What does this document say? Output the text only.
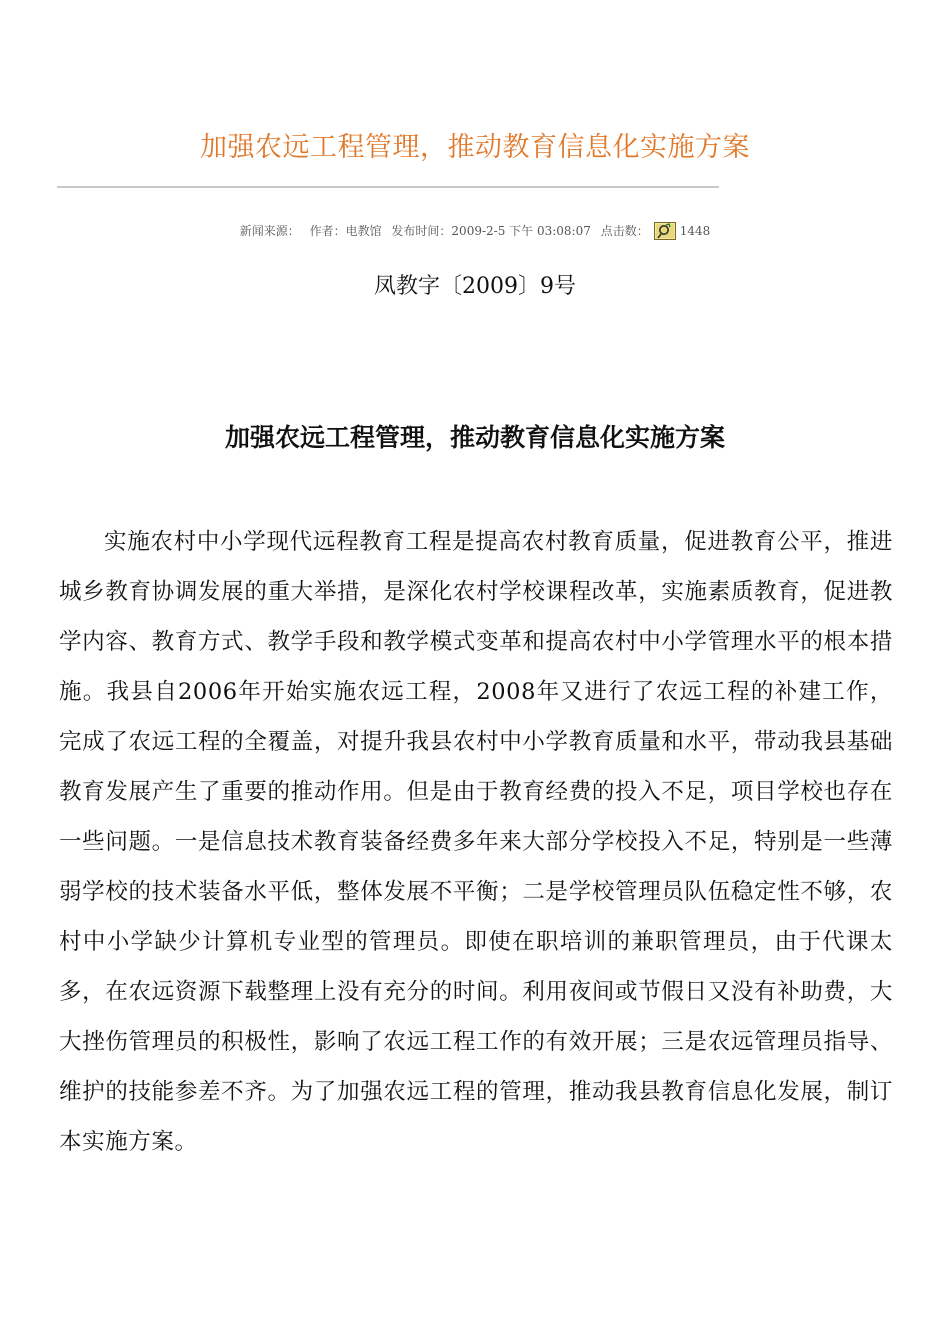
加强农远工程管理，推动教育信息化实施方案
新闻来源： 作者：电教馆 发布时间：2009-2-5 下午 03:08:07 点击数：	1448
凤教字〔2009〕9号
加强农远工程管理，推动教育信息化实施方案

实施农村中小学现代远程教育工程是提高农村教育质量，促进教育公平，推进城乡教育协调发展的重大举措，是深化农村学校课程改革，实施素质教育，促进教学内容、教育方式、教学手段和教学模式变革和提高农村中小学管理水平的根本措施。我县自2006年开始实施农远工程，2008年又进行了农远工程的补建工作，完成了农远工程的全覆盖，对提升我县农村中小学教育质量和水平，带动我县基础教育发展产生了重要的推动作用。但是由于教育经费的投入不足，项目学校也存在一些问题。一是信息技术教育装备经费多年来大部分学校投入不足，特别是一些薄弱学校的技术装备水平低，整体发展不平衡；二是学校管理员队伍稳定性不够，农村中小学缺少计算机专业型的管理员。即使在职培训的兼职管理员，由于代课太多，在农远资源下载整理上没有充分的时间。利用夜间或节假日又没有补助费，大大挫伤管理员的积极性，影响了农远工程工作的有效开展；三是农远管理员指导、维护的技能参差不齐。为了加强农远工程的管理，推动我县教育信息化发展，制订本实施方案。
